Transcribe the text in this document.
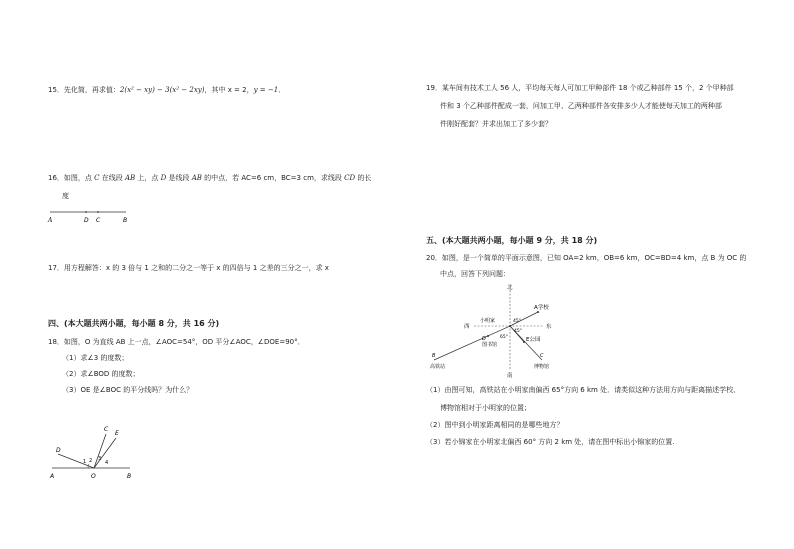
15．先化简，再求值：2(x² − xy) − 3(x² − 2xy)，其中 x = 2，y = −1．
16．如图，点 C 在线段 AB 上，点 D 是线段 AB 的中点，若 AC=6 cm，BC=3 cm，求线段 CD 的长
度
A	D C	B
17．用方程解答：x 的 3 倍与 1 之和的二分之一等于 x 的四倍与 1 之差的三分之一，求 x
四、(本大题共两小题，每小题 8 分，共 16 分)
18．如图，O 为直线 AB 上一点，∠AOC=54°，OD 平分∠AOC，∠DOE=90°．
（1）求∠3 的度数；
（2）求∠BOD 的度数；
（3）OE 是∠BOC 的平分线吗？为什么？
C
E
D
1 2 3
4
A	O	B
19．某车间有技术工人 56 人，平均每天每人可加工甲种部件 18 个或乙种部件 15 个，2 个甲种部
件和 3 个乙种部件配成一套，问加工甲、乙两种部件各安排多少人才能使每天加工的两种部
件刚好配套？并求出加工了多少套？
五、(本大题共两小题，每小题 9 分，共 18 分)
20．如图，是一个简单的平面示意图，已知 OA=2 km，OB=6 km，OC=BD=4 km，点 B 为 OC 的
中点，回答下列问题：
北
南
西	东
A学校
E公园
小明家	45°
45°
65°
D
图书馆
B
高铁站
C
博物馆
（1）由图可知，高铁站在小明家南偏西 65°方向 6 km 处．请类似这种方法用方向与距离描述学校、
博物馆相对于小明家的位置；
（2）图中到小明家距离相同的是哪些地方？
（3）若小锦家在小明家北偏西 60° 方向 2 km 处，请在图中标出小锦家的位置.
